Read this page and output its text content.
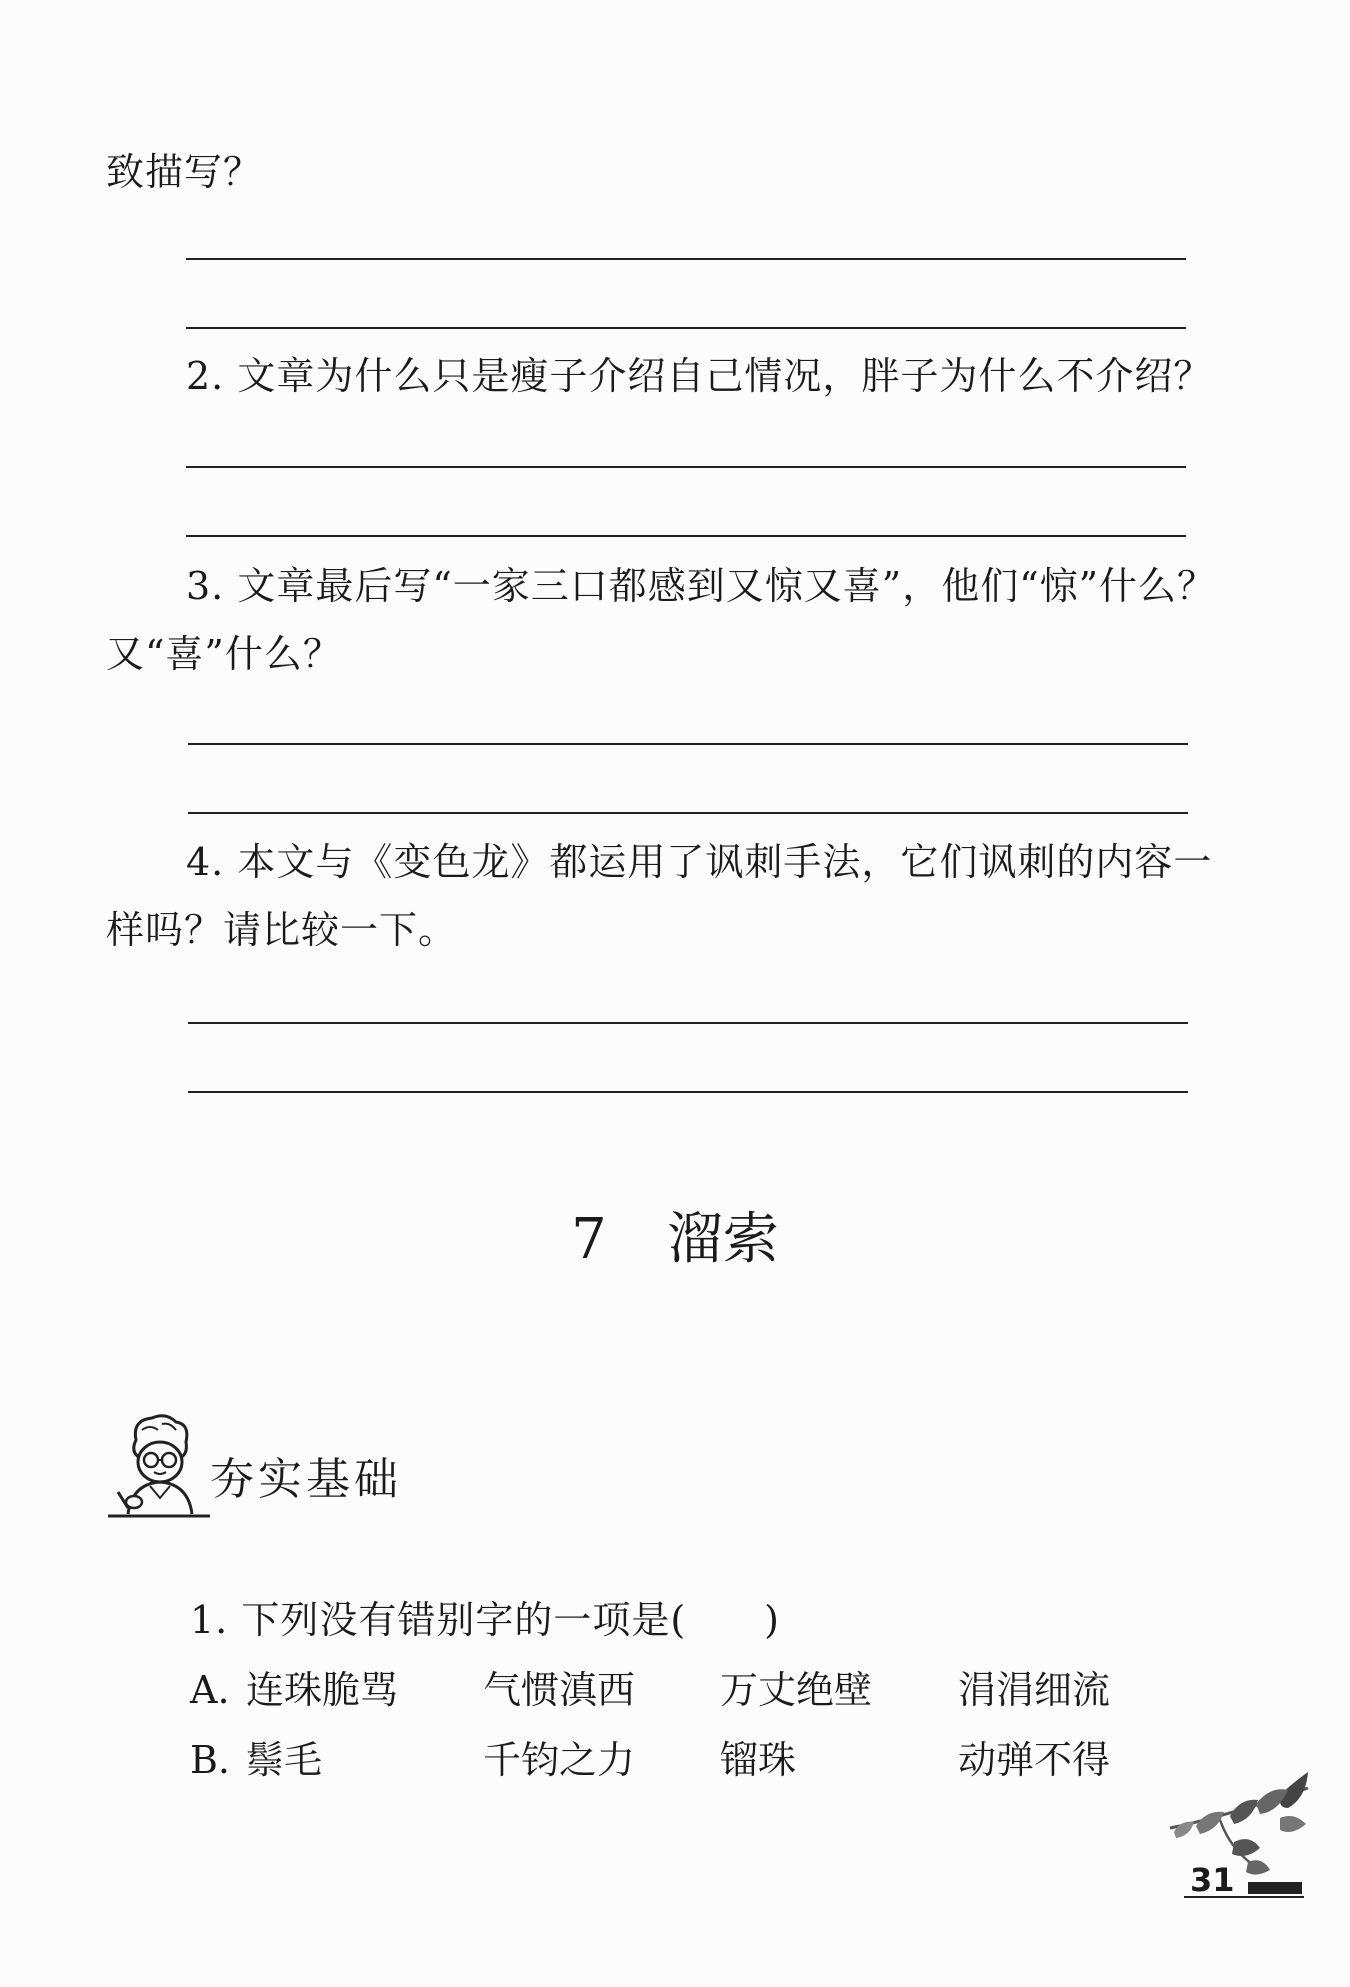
致描写？
2. 文章为什么只是瘦子介绍自己情况，胖子为什么不介绍？
3. 文章最后写“一家三口都感到又惊又喜”，他们“惊”什么？
又“喜”什么？
4. 本文与《变色龙》都运用了讽刺手法，它们讽刺的内容一
样吗？请比较一下。
7 溜索
夯实基础
1. 下列没有错别字的一项是(　　)
A. 连珠脆骂 气惯滇西 万丈绝壁 涓涓细流
B. 鬃毛	千钧之力 镏珠	动弹不得
31
